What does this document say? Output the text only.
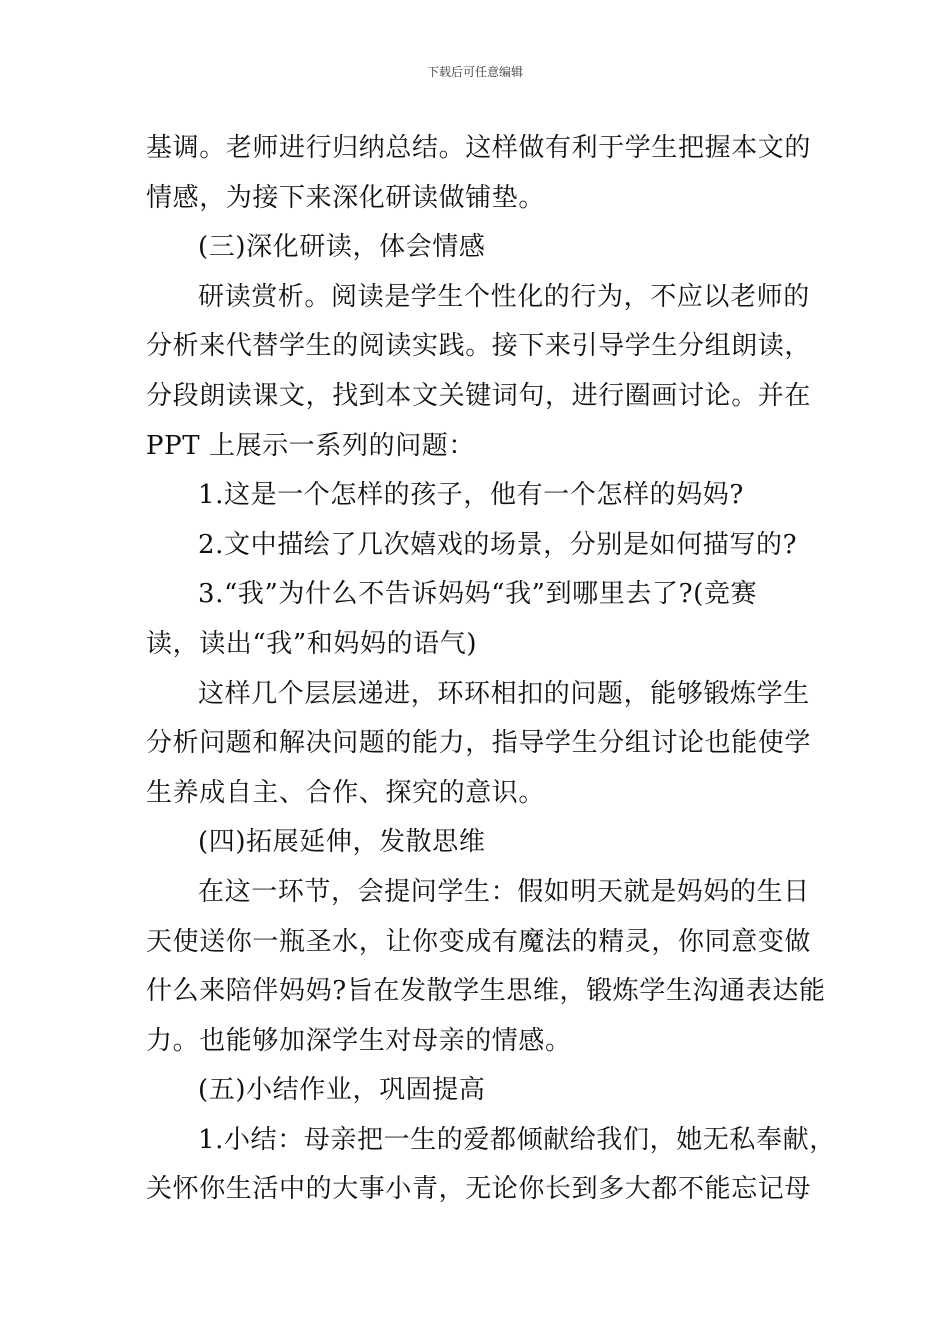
下载后可任意编辑
基调。老师进行归纳总结。这样做有利于学生把握本文的
情感，为接下来深化研读做铺垫。
(三)深化研读，体会情感
研读赏析。阅读是学生个性化的行为，不应以老师的
分析来代替学生的阅读实践。接下来引导学生分组朗读，
分段朗读课文，找到本文关键词句，进行圈画讨论。并在
PPT 上展示一系列的问题：
1.这是一个怎样的孩子，他有一个怎样的妈妈?
2.文中描绘了几次嬉戏的场景，分别是如何描写的?
3.“我”为什么不告诉妈妈“我”到哪里去了?(竞赛
读，读出“我”和妈妈的语气)
这样几个层层递进，环环相扣的问题，能够锻炼学生
分析问题和解决问题的能力，指导学生分组讨论也能使学
生养成自主、合作、探究的意识。
(四)拓展延伸，发散思维
在这一环节，会提问学生：假如明天就是妈妈的生日
天使送你一瓶圣水，让你变成有魔法的精灵，你同意变做
什么来陪伴妈妈?旨在发散学生思维，锻炼学生沟通表达能
力。也能够加深学生对母亲的情感。
(五)小结作业，巩固提高
1.小结：母亲把一生的爱都倾献给我们，她无私奉献，
关怀你生活中的大事小青，无论你长到多大都不能忘记母
